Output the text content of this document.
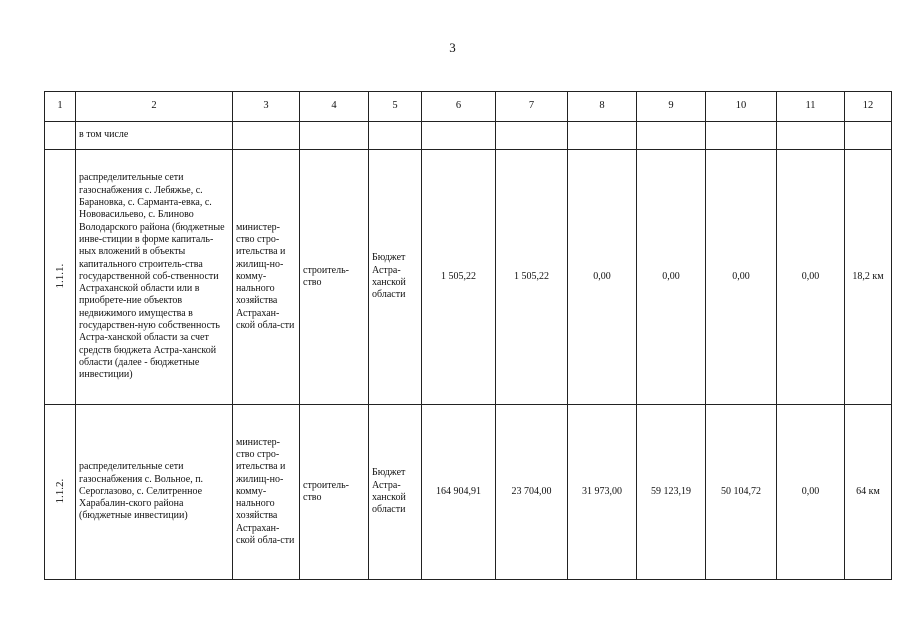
3
1	2	3	4	5	6	7	8	9	10	11	12
	в том числе										
1.1.1.	распределительные сети газоснабжения с. Лебяжье, с. Барановка, с. Сарманта-евка, с. Нововасильево, с. Блиново Володарского района (бюджетные инве-стиции в форме капиталь-ных вложений в объекты капитального строитель-ства государственной соб-ственности Астраханской области или в приобрете-ние объектов недвижимого имущества в государствен-ную собственность Астра-ханской области за счет средств бюджета Астра-ханской области (далее - бюджетные инвестиции)	министер-ство стро-ительства и жилищ-но-комму-нального хозяйства Астрахан-ской обла-сти	строитель-ство	Бюджет Астра-ханской области	1 505,22	1 505,22	0,00	0,00	0,00	0,00	18,2 км
1.1.2.	распределительные сети газоснабжения с. Вольное, п. Сероглазово, с. Селитренное Харабалин-ского района (бюджетные инвестиции)	министер-ство стро-ительства и жилищ-но-комму-нального хозяйства Астрахан-ской обла-сти	строитель-ство	Бюджет Астра-ханской области	164 904,91	23 704,00	31 973,00	59 123,19	50 104,72	0,00	64 км
